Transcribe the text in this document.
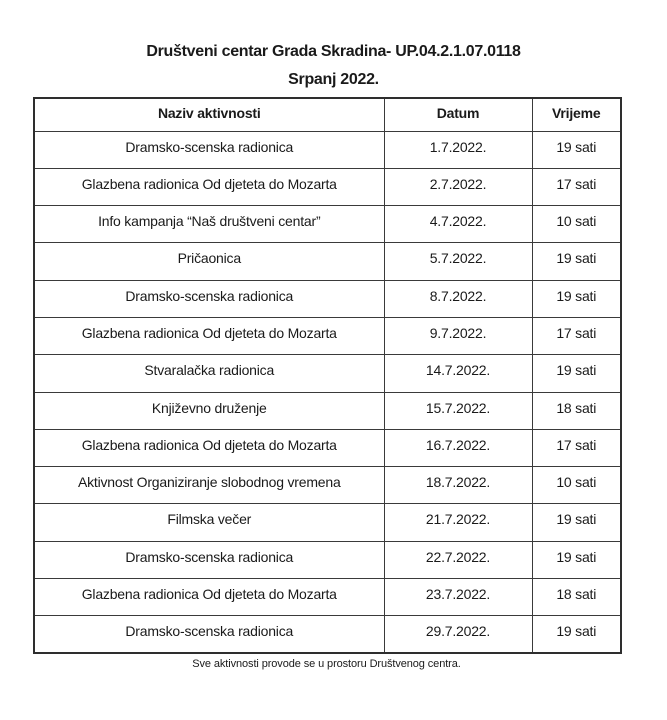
Društveni centar Grada Skradina- UP.04.2.1.07.0118
Srpanj 2022.
Naziv aktivnosti	Datum	Vrijeme
Dramsko-scenska radionica	1.7.2022.	19 sati
Glazbena radionica Od djeteta do Mozarta	2.7.2022.	17 sati
Info kampanja “Naš društveni centar”	4.7.2022.	10 sati
Pričaonica	5.7.2022.	19 sati
Dramsko-scenska radionica	8.7.2022.	19 sati
Glazbena radionica Od djeteta do Mozarta	9.7.2022.	17 sati
Stvaralačka radionica	14.7.2022.	19 sati
Književno druženje	15.7.2022.	18 sati
Glazbena radionica Od djeteta do Mozarta	16.7.2022.	17 sati
Aktivnost Organiziranje slobodnog vremena	18.7.2022.	10 sati
Filmska večer	21.7.2022.	19 sati
Dramsko-scenska radionica	22.7.2022.	19 sati
Glazbena radionica Od djeteta do Mozarta	23.7.2022.	18 sati
Dramsko-scenska radionica	29.7.2022.	19 sati
Sve aktivnosti provode se u prostoru Društvenog centra.
